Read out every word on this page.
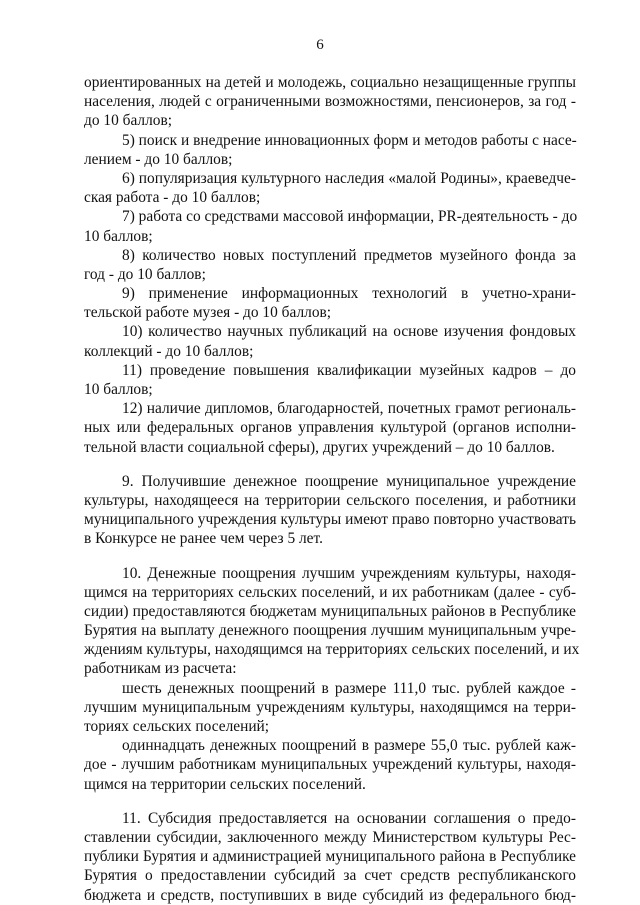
6
ориентированных на детей и молодежь, социально незащищенные группы
населения, людей с ограниченными возможностями, пенсионеров, за год -
до 10 баллов;
5) поиск и внедрение инновационных форм и методов работы с насе-
лением - до 10 баллов;
6) популяризация культурного наследия «малой Родины», краеведче-
ская работа - до 10 баллов;
7) работа со средствами массовой информации, PR-деятельность - до
10 баллов;
8) количество новых поступлений предметов музейного фонда за
год - до 10 баллов;
9) применение информационных технологий в учетно-храни-
тельской работе музея - до 10 баллов;
10) количество научных публикаций на основе изучения фондовых
коллекций - до 10 баллов;
11) проведение повышения квалификации музейных кадров – до
10 баллов;
12) наличие дипломов, благодарностей, почетных грамот региональ-
ных или федеральных органов управления культурой (органов исполни-
тельной власти социальной сферы), других учреждений – до 10 баллов.
9. Получившие денежное поощрение муниципальное учреждение
культуры, находящееся на территории сельского поселения, и работники
муниципального учреждения культуры имеют право повторно участвовать
в Конкурсе не ранее чем через 5 лет.
10. Денежные поощрения лучшим учреждениям культуры, находя-
щимся на территориях сельских поселений, и их работникам (далее - суб-
сидии) предоставляются бюджетам муниципальных районов в Республике
Бурятия на выплату денежного поощрения лучшим муниципальным учре-
ждениям культуры, находящимся на территориях сельских поселений, и их
работникам из расчета:
шесть денежных поощрений в размере 111,0 тыс. рублей каждое -
лучшим муниципальным учреждениям культуры, находящимся на терри-
ториях сельских поселений;
одиннадцать денежных поощрений в размере 55,0 тыс. рублей каж-
дое - лучшим работникам муниципальных учреждений культуры, находя-
щимся на территории сельских поселений.
11. Субсидия предоставляется на основании соглашения о предо-
ставлении субсидии, заключенного между Министерством культуры Рес-
публики Бурятия и администрацией муниципального района в Республике
Бурятия о предоставлении субсидий за счет средств республиканского
бюджета и средств, поступивших в виде субсидий из федерального бюд-
